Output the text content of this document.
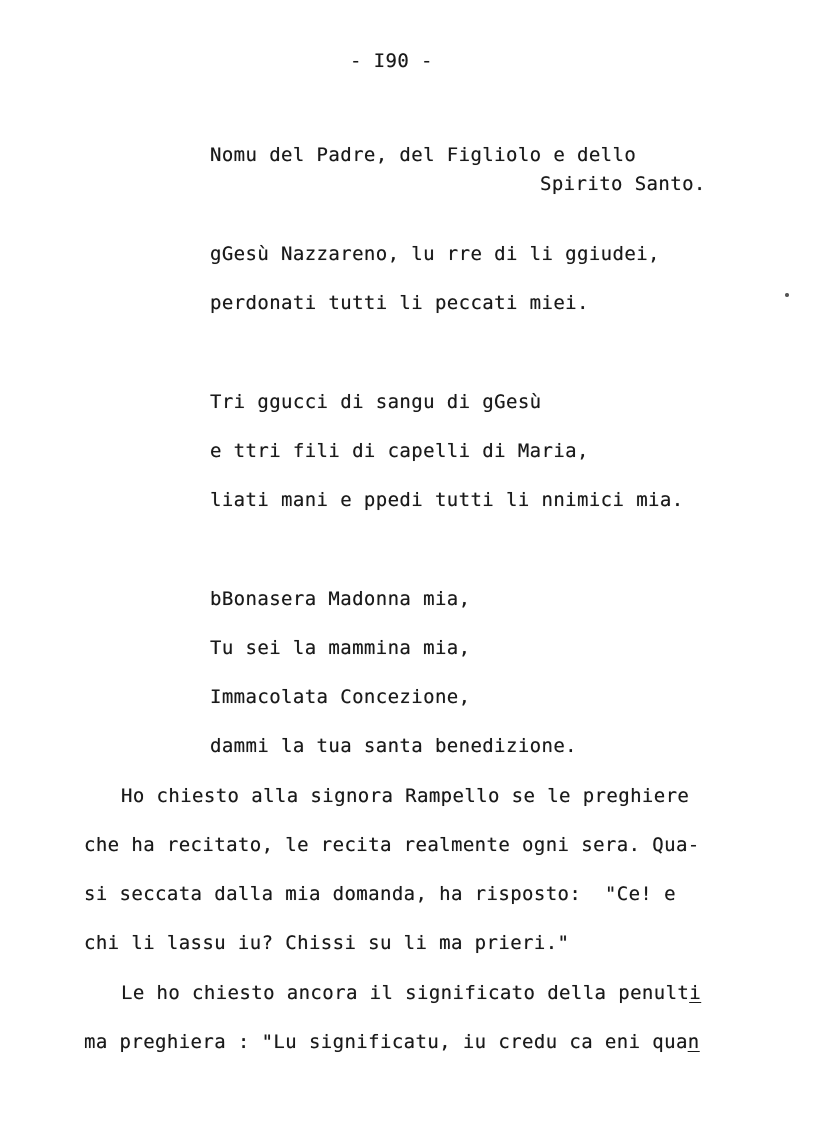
- I90 -
Nomu del Padre, del Figliolo e dello
Spirito Santo.
gGesù Nazzareno, lu rre di li ggiudei,
perdonati tutti li peccati miei.
Tri ggucci di sangu di gGesù
e ttri fili di capelli di Maria,
liati mani e ppedi tutti li nnimici mia.
bBonasera Madonna mia,
Tu sei la mammina mia,
Immacolata Concezione,
dammi la tua santa benedizione.
Ho chiesto alla signora Rampello se le preghiere
che ha recitato, le recita realmente ogni sera. Qua-
si seccata dalla mia domanda, ha risposto:  "Ce! e
chi li lassu iu? Chissi su li ma prieri."
Le ho chiesto ancora il significato della penulti
ma preghiera : "Lu significatu, iu credu ca eni quan
